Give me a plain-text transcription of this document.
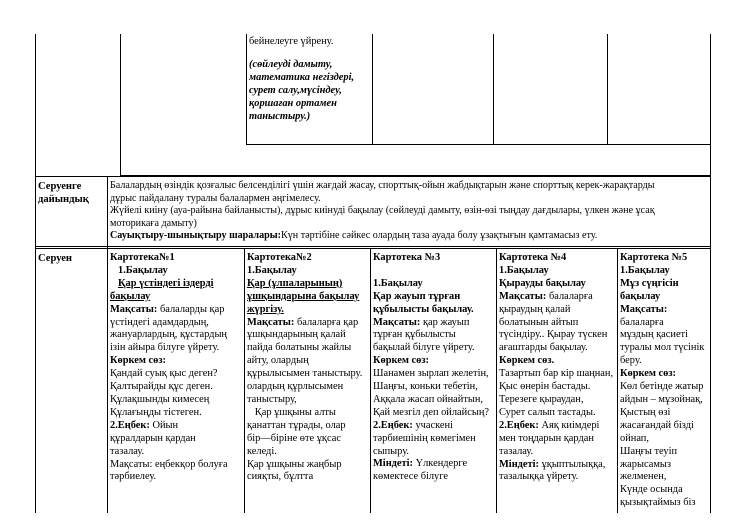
бейнелеуге үйрену.

(сөйлеуді дамыту,

математика негіздері,

сурет салу,мүсіндеу,

қоршаған ортамен

таныстыру.)

Серуенге

дайындық

Балалардың өзіндік қозғалыс белсенділігі үшін жағдай жасау, спорттық-ойын жабдықтарын және спорттық керек-жарақтарды

дұрыс пайдалану туралы балалармен әңгімелесу.

Жүйелі киіну (ауа-райына байланысты), дұрыс киінуді бақылау (сөйлеуді дамыту, өзін-өзі тыңдау дағдылары, үлкен және ұсақ

моторикаға дамыту)

Сауықтыру-шынықтыру шаралары:Күн тәртібіне сәйкес олардың таза ауада болу ұзақтығын қамтамасыз ету.

Серуен	Картотека№1

1.Бақылау

Қар үстіндегі іздерді

бақылау

Мақсаты: балаларды қар

үстіндегі адамдардың,

жануарлардың, құстардың

ізін айыра білуге үйрету.

Көркем сөз:

Қандай суық қыс деген?

Қалтырайды құс деген.

Құлақшынды кимесең

Құлағыңды тістеген.

2.Еңбек: Ойын

құралдарын қардан

тазалау.

Мақсаты: еңбекқор болуға

тәрбиелеу.

Картотека№2

1.Бақылау

Қар (ұлпаларының)

ұшқындарына бақылау

жүргізу.

Мақсаты: балаларға қар

ұшқындарының қалай

пайда болатыны жайлы

айту, олардың

құрылысымен таныстыру.

олардың құрлысымен

таныстыру,

Қар ұшқыны алты

қанаттан тұрады, олар

бір—біріне өте ұқсас

келеді.

Қар ұшқыны жаңбыр

сияқты, бұлтта

Картотека №3

1.Бақылау

Қар жауып тұрған

құбылысты бақылау.

Мақсаты: қар жауып

тұрған құбылысты

бақылай білуге үйрету.

Көркем сөз:

Шанамен зырлап желетін,

Шаңғы, коньки тебетін,

Аққала жасап ойнайтын,

Қай мезгіл деп ойлайсың?

2.Еңбек: учаскені

тәрбиешінің көмегімен

сыпыру.

Міндеті: Үлкендерге

көмектесе білуге

Картотека №4

1.Бақылау

Қырауды бақылау

Мақсаты: балаларға

қыраудың қалай

болатынын айтып

түсіндіру.. Қырау түскен

ағаштарды бақылау.

Көркем сөз.

Тазартып бар кір шаңнан,

Қыс өнерін бастады.

Терезеге қыраудан,

Сурет салып тастады.

2.Еңбек: Аяқ киімдері

мен тоңдарын қардан

тазалау.

Міндеті: ұқыптылыққа,

тазалыққа үйрету.

Картотека №5

1.Бақылау

Мұз сүңгісін

бақылау

Мақсаты: балаларға

мұздың қасиеті

туралы мол түсінік

беру.

Көркем сөз:

Көл бетінде жатыр

айдын – мұзойнақ,

Қыстың өзі

жасағандай бізді

ойнап,

Шаңғы теуіп

жарысамыз желменен,

Күнде осында

қызықтаймыз біз
